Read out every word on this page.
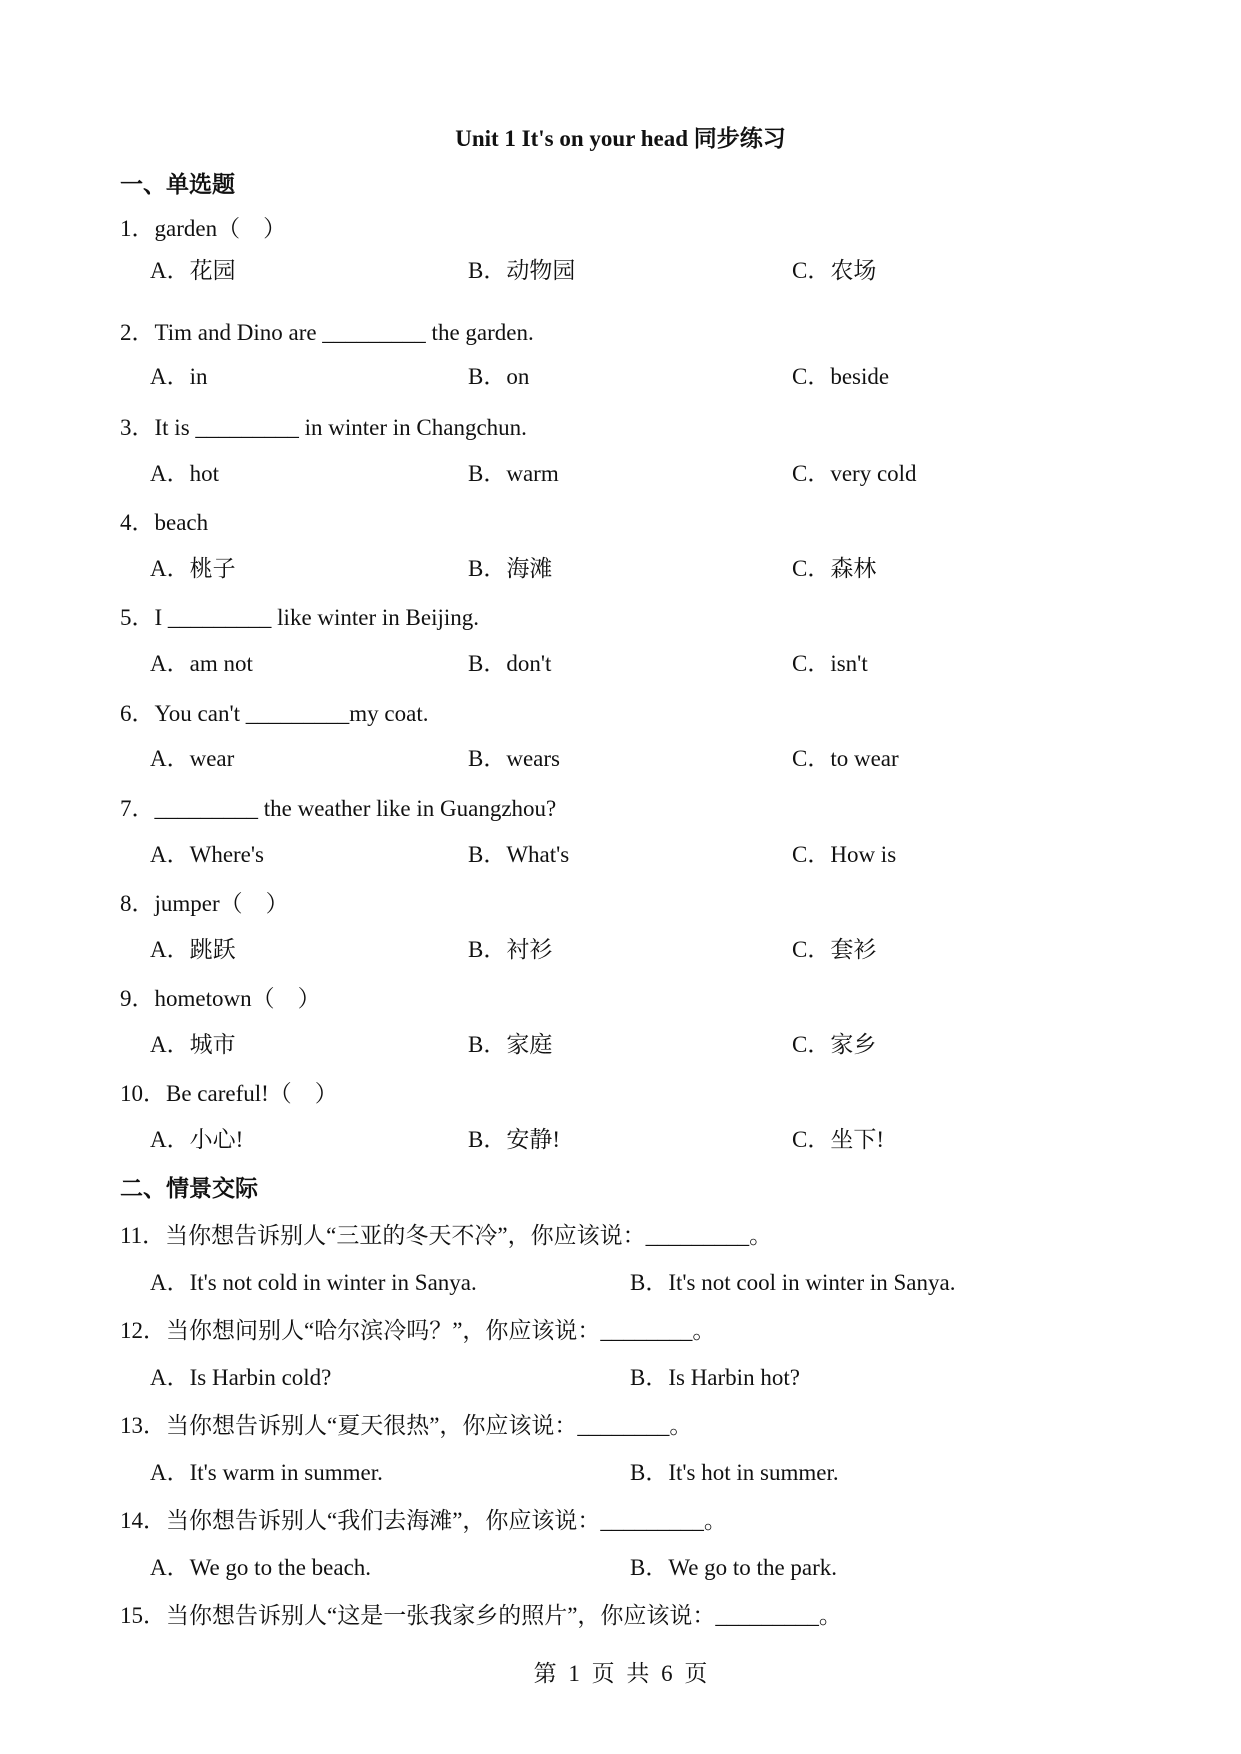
Unit 1 It's on your head 同步练习
一、单选题
1．garden（　）
A．花园	B．动物园	C．农场
2．Tim and Dino are _________ the garden.
A．in	B．on	C．beside
3．It is _________ in winter in Changchun.
A．hot	B．warm	C．very cold
4．beach
A．桃子	B．海滩	C．森林
5．I _________ like winter in Beijing.
A．am not	B．don't	C．isn't
6．You can't _________my coat.
A．wear	B．wears	C．to wear
7．_________ the weather like in Guangzhou?
A．Where's	B．What's	C．How is
8．jumper（　）
A．跳跃	B．衬衫	C．套衫
9．hometown（　）
A．城市	B．家庭	C．家乡
10．Be careful!（　）
A．小心!	B．安静!	C．坐下!
二、情景交际
11．当你想告诉别人“三亚的冬天不冷”，你应该说：_________。
A．It's not cold in winter in Sanya.	B．It's not cool in winter in Sanya.
12．当你想问别人“哈尔滨冷吗？”，你应该说：________。
A．Is Harbin cold?	B．Is Harbin hot?
13．当你想告诉别人“夏天很热”，你应该说：________。
A．It's warm in summer.	B．It's hot in summer.
14．当你想告诉别人“我们去海滩”，你应该说：_________。
A．We go to the beach.	B．We go to the park.
15．当你想告诉别人“这是一张我家乡的照片”，你应该说：_________。
第 1 页 共 6 页
